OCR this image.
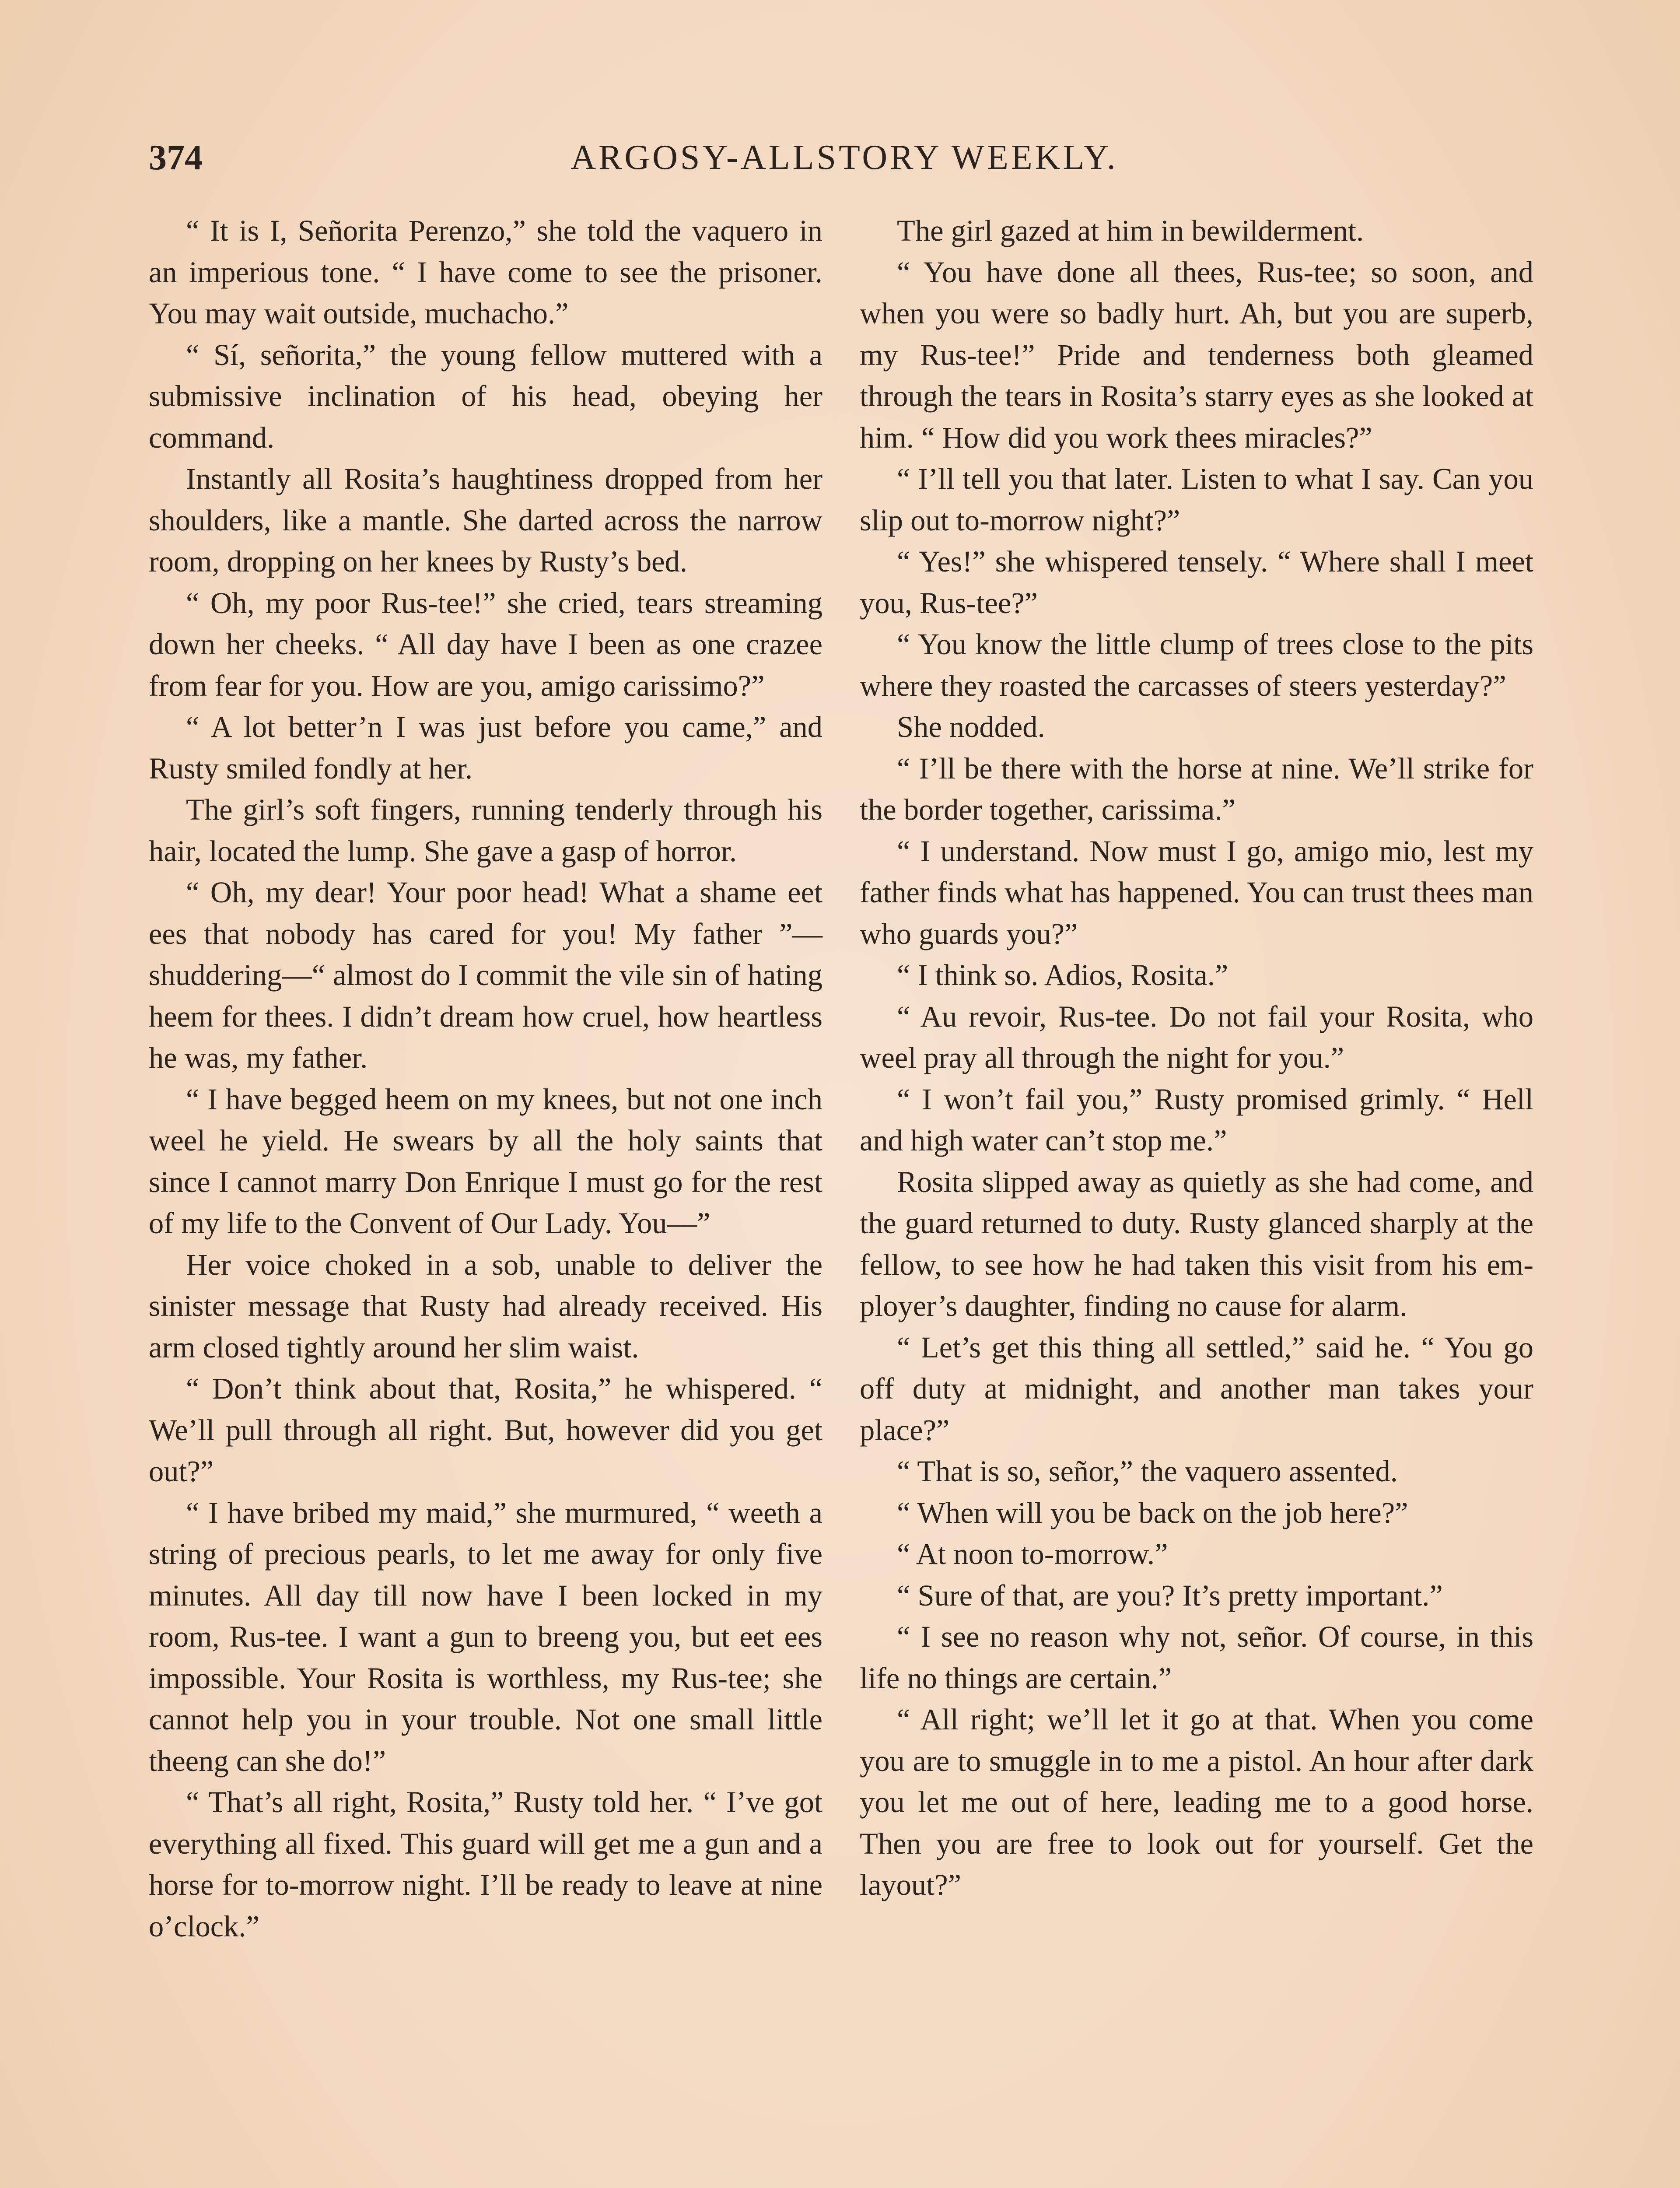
374	ARGOSY-ALLSTORY WEEKLY.

“ It is I, Señorita Perenzo,” she told the vaquero in an imperious tone. “ I have come to see the prisoner. You may wait outside, muchacho.”

“ Sí, señorita,” the young fellow muttered with a submissive inclination of his head, obeying her command.

Instantly all Rosita’s haughtiness dropped from her shoulders, like a mantle. She darted across the narrow room, dropping on her knees by Rusty’s bed.

“ Oh, my poor Rus-tee!” she cried, tears streaming down her cheeks. “ All day have I been as one crazee from fear for you. How are you, amigo carissimo?”

“ A lot better’n I was just before you came,” and Rusty smiled fondly at her.

The girl’s soft fingers, running tenderly through his hair, located the lump. She gave a gasp of horror.

“ Oh, my dear! Your poor head! What a shame eet ees that nobody has cared for you! My father ”—shuddering—“ almost do I commit the vile sin of hating heem for thees. I didn’t dream how cruel, how heartless he was, my father.

“ I have begged heem on my knees, but not one inch weel he yield. He swears by all the holy saints that since I cannot marry Don Enrique I must go for the rest of my life to the Convent of Our Lady. You—”

Her voice choked in a sob, unable to deliver the sinister message that Rusty had already received. His arm closed tightly around her slim waist.

“ Don’t think about that, Rosita,” he whispered. “ We’ll pull through all right. But, however did you get out?”

“ I have bribed my maid,” she murmured, “ weeth a string of precious pearls, to let me away for only five minutes. All day till now have I been locked in my room, Rus-tee. I want a gun to breeng you, but eet ees impossible. Your Rosita is worthless, my Rus-tee; she cannot help you in your trouble. Not one small little theeng can she do!”

“ That’s all right, Rosita,” Rusty told her. “ I’ve got everything all fixed. This guard will get me a gun and a horse for to-morrow night. I’ll be ready to leave at nine o’clock.”

The girl gazed at him in bewilderment.

“ You have done all thees, Rus-tee; so soon, and when you were so badly hurt. Ah, but you are superb, my Rus-tee!” Pride and tenderness both gleamed through the tears in Rosita’s starry eyes as she looked at him. “ How did you work thees miracles?”

“ I’ll tell you that later. Listen to what I say. Can you slip out to-morrow night?”

“ Yes!” she whispered tensely. “ Where shall I meet you, Rus-tee?”

“ You know the little clump of trees close to the pits where they roasted the carcasses of steers yesterday?”

She nodded.

“ I’ll be there with the horse at nine. We’ll strike for the border together, carissima.”

“ I understand. Now must I go, amigo mio, lest my father finds what has happened. You can trust thees man who guards you?”

“ I think so. Adios, Rosita.”

“ Au revoir, Rus-tee. Do not fail your Rosita, who weel pray all through the night for you.”

“ I won’t fail you,” Rusty promised grimly. “ Hell and high water can’t stop me.”

Rosita slipped away as quietly as she had come, and the guard returned to duty. Rusty glanced sharply at the fellow, to see how he had taken this visit from his employer’s daughter, finding no cause for alarm.

“ Let’s get this thing all settled,” said he. “ You go off duty at midnight, and another man takes your place?”

“ That is so, señor,” the vaquero assented.

“ When will you be back on the job here?”

“ At noon to-morrow.”

“ Sure of that, are you? It’s pretty important.”

“ I see no reason why not, señor. Of course, in this life no things are certain.”

“ All right; we’ll let it go at that. When you come you are to smuggle in to me a pistol. An hour after dark you let me out of here, leading me to a good horse. Then you are free to look out for yourself. Get the layout?”
